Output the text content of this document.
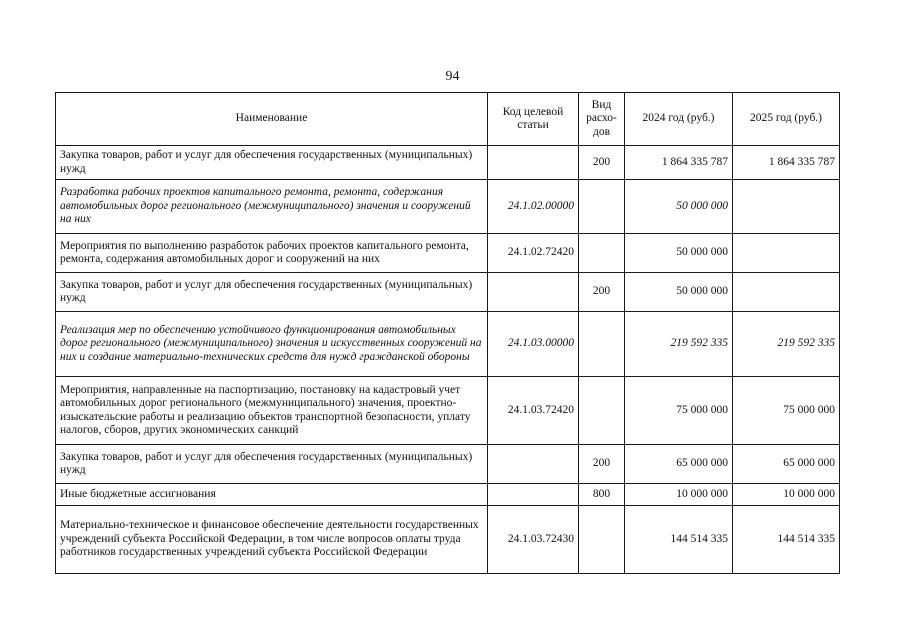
94
Наименование	Код целевой статьи	Вид расхо-дов	2024 год (руб.)	2025 год (руб.)
Закупка товаров, работ и услуг для обеспечения государственных (муниципальных) нужд		200	1 864 335 787	1 864 335 787
Разработка рабочих проектов капитального ремонта, ремонта, содержания автомобильных дорог регионального (межмуниципального) значения и сооружений на них	24.1.02.00000		50 000 000	
Мероприятия по выполнению разработок рабочих проектов капитального ремонта, ремонта, содержания автомобильных дорог и сооружений на них	24.1.02.72420		50 000 000	
Закупка товаров, работ и услуг для обеспечения государственных (муниципальных) нужд		200	50 000 000	
Реализация мер по обеспечению устойчивого функционирования автомобильных дорог регионального (межмуниципального) значения и искусственных сооружений на них и создание материально-технических средств для нужд гражданской обороны	24.1.03.00000		219 592 335	219 592 335
Мероприятия, направленные на паспортизацию, постановку на кадастровый учет автомобильных дорог регионального (межмуниципального) значения, проектно-изыскательские работы и реализацию объектов транспортной безопасности, уплату налогов, сборов, других экономических санкций	24.1.03.72420		75 000 000	75 000 000
Закупка товаров, работ и услуг для обеспечения государственных (муниципальных) нужд		200	65 000 000	65 000 000
Иные бюджетные ассигнования		800	10 000 000	10 000 000
Материально-техническое и финансовое обеспечение деятельности государственных учреждений субъекта Российской Федерации, в том числе вопросов оплаты труда работников государственных учреждений субъекта Российской Федерации	24.1.03.72430		144 514 335	144 514 335
